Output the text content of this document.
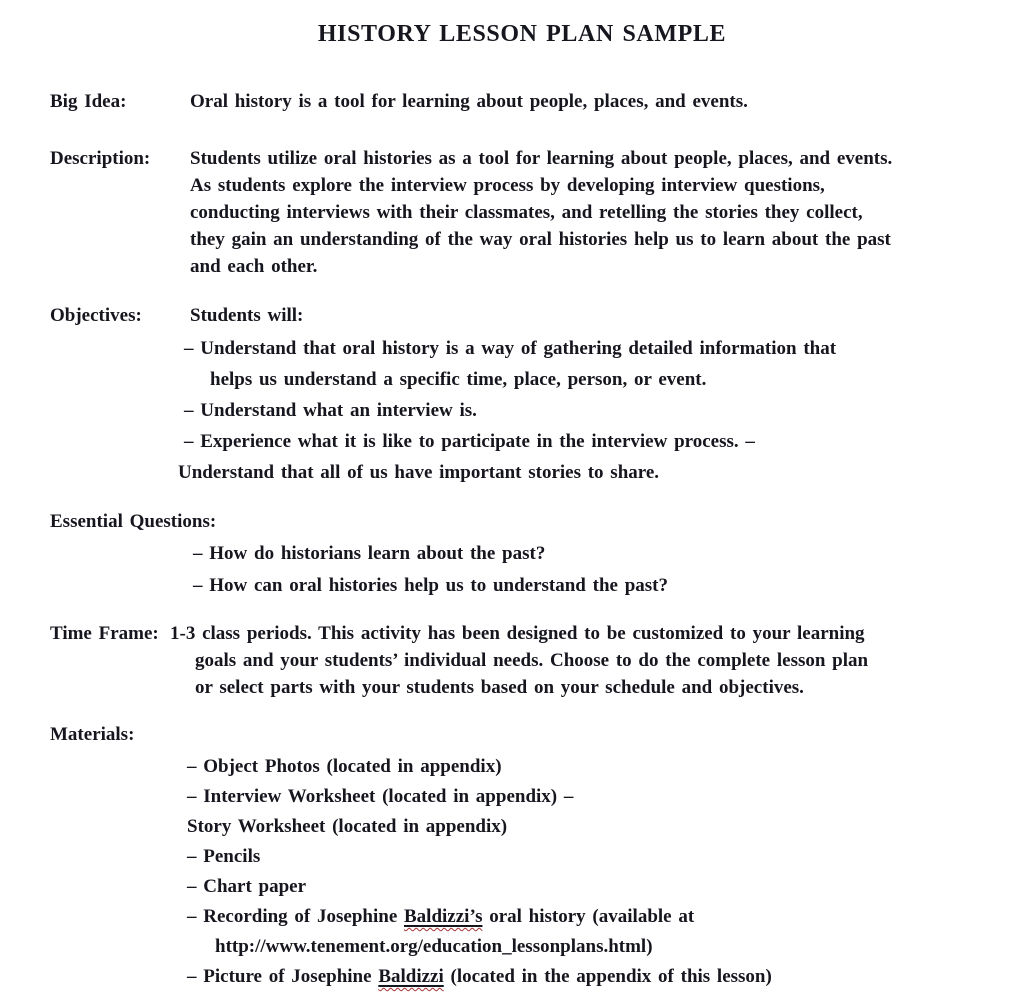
HISTORY LESSON PLAN SAMPLE
Big Idea:	Oral history is a tool for learning about people, places, and events.
Description:	Students utilize oral histories as a tool for learning about people, places, and events.
As students explore the interview process by developing interview questions,
conducting interviews with their classmates, and retelling the stories they collect,
they gain an understanding of the way oral histories help us to learn about the past
and each other.
Objectives:	Students will:
– Understand that oral history is a way of gathering detailed information that
helps us understand a specific time, place, person, or event.
– Understand what an interview is.
– Experience what it is like to participate in the interview process. –
Understand that all of us have important stories to share.
Essential Questions:
– How do historians learn about the past?
– How can oral histories help us to understand the past?
Time Frame: 1-3 class periods. This activity has been designed to be customized to your learning
goals and your students’ individual needs. Choose to do the complete lesson plan
or select parts with your students based on your schedule and objectives.
Materials:
– Object Photos (located in appendix)
– Interview Worksheet (located in appendix) –
Story Worksheet (located in appendix)
– Pencils
– Chart paper
– Recording of Josephine Baldizzi’s oral history (available at
http://www.tenement.org/education_lessonplans.html)
– Picture of Josephine Baldizzi (located in the appendix of this lesson)
